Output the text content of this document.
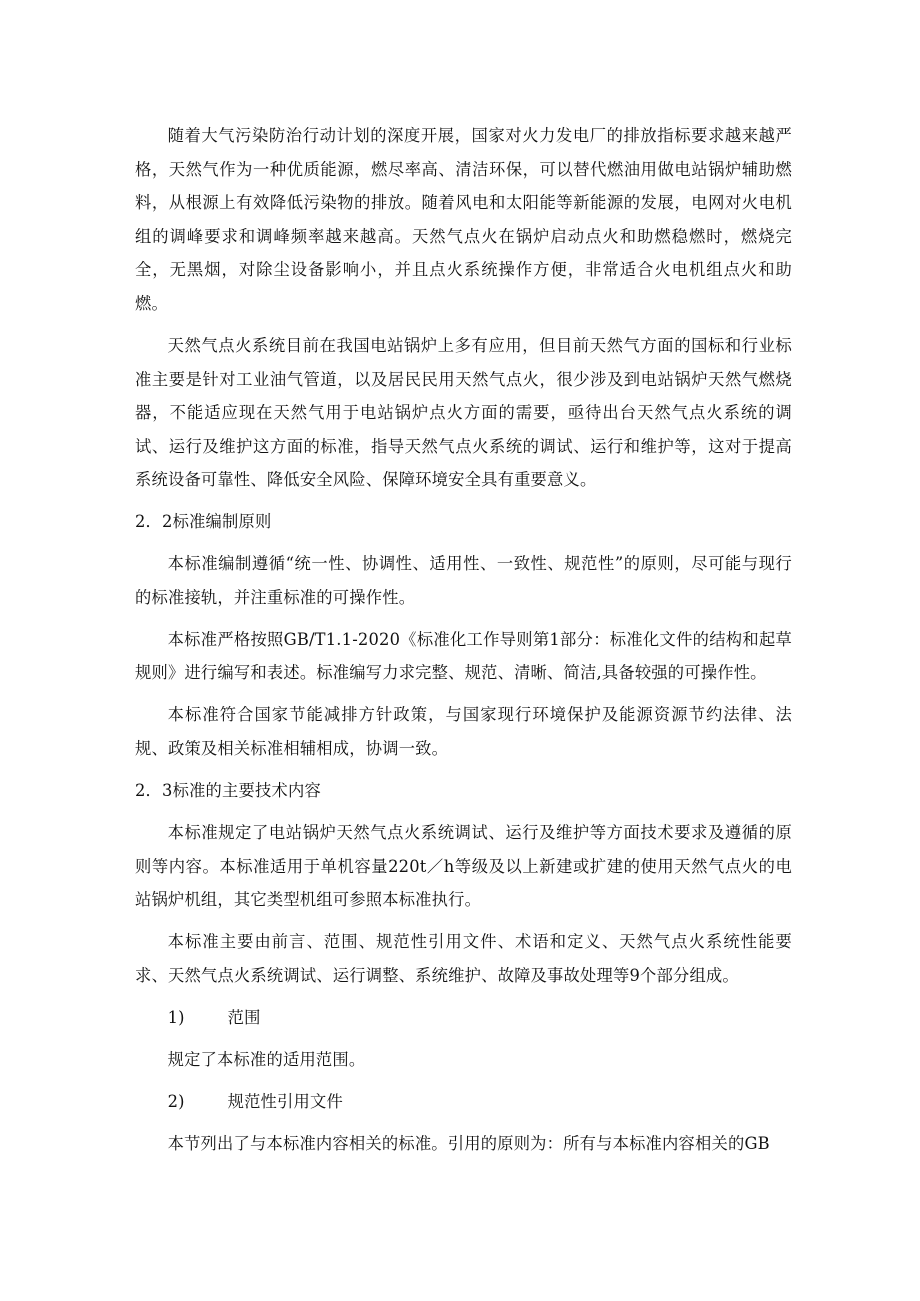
随着大气污染防治行动计划的深度开展，国家对火力发电厂的排放指标要求越来越严格，天然气作为一种优质能源，燃尽率高、清洁环保，可以替代燃油用做电站锅炉辅助燃料，从根源上有效降低污染物的排放。随着风电和太阳能等新能源的发展，电网对火电机组的调峰要求和调峰频率越来越高。天然气点火在锅炉启动点火和助燃稳燃时，燃烧完全，无黑烟，对除尘设备影响小，并且点火系统操作方便，非常适合火电机组点火和助燃。

天然气点火系统目前在我国电站锅炉上多有应用，但目前天然气方面的国标和行业标准主要是针对工业油气管道，以及居民民用天然气点火，很少涉及到电站锅炉天然气燃烧器，不能适应现在天然气用于电站锅炉点火方面的需要，亟待出台天然气点火系统的调试、运行及维护这方面的标准，指导天然气点火系统的调试、运行和维护等，这对于提高系统设备可靠性、降低安全风险、保障环境安全具有重要意义。

2．2标准编制原则

本标准编制遵循“统一性、协调性、适用性、一致性、规范性”的原则，尽可能与现行的标准接轨，并注重标准的可操作性。

本标准严格按照GB/T1.1-2020《标准化工作导则第1部分：标准化文件的结构和起草规则》进行编写和表述。标准编写力求完整、规范、清晰、简洁,具备较强的可操作性。

本标准符合国家节能减排方针政策，与国家现行环境保护及能源资源节约法律、法规、政策及相关标准相辅相成，协调一致。

2．3标准的主要技术内容

本标准规定了电站锅炉天然气点火系统调试、运行及维护等方面技术要求及遵循的原则等内容。本标准适用于单机容量220t／h等级及以上新建或扩建的使用天然气点火的电站锅炉机组，其它类型机组可参照本标准执行。

本标准主要由前言、范围、规范性引用文件、术语和定义、天然气点火系统性能要求、天然气点火系统调试、运行调整、系统维护、故障及事故处理等9个部分组成。

1)	范围

规定了本标准的适用范围。

2)	规范性引用文件

本节列出了与本标准内容相关的标准。引用的原则为：所有与本标准内容相关的GB
